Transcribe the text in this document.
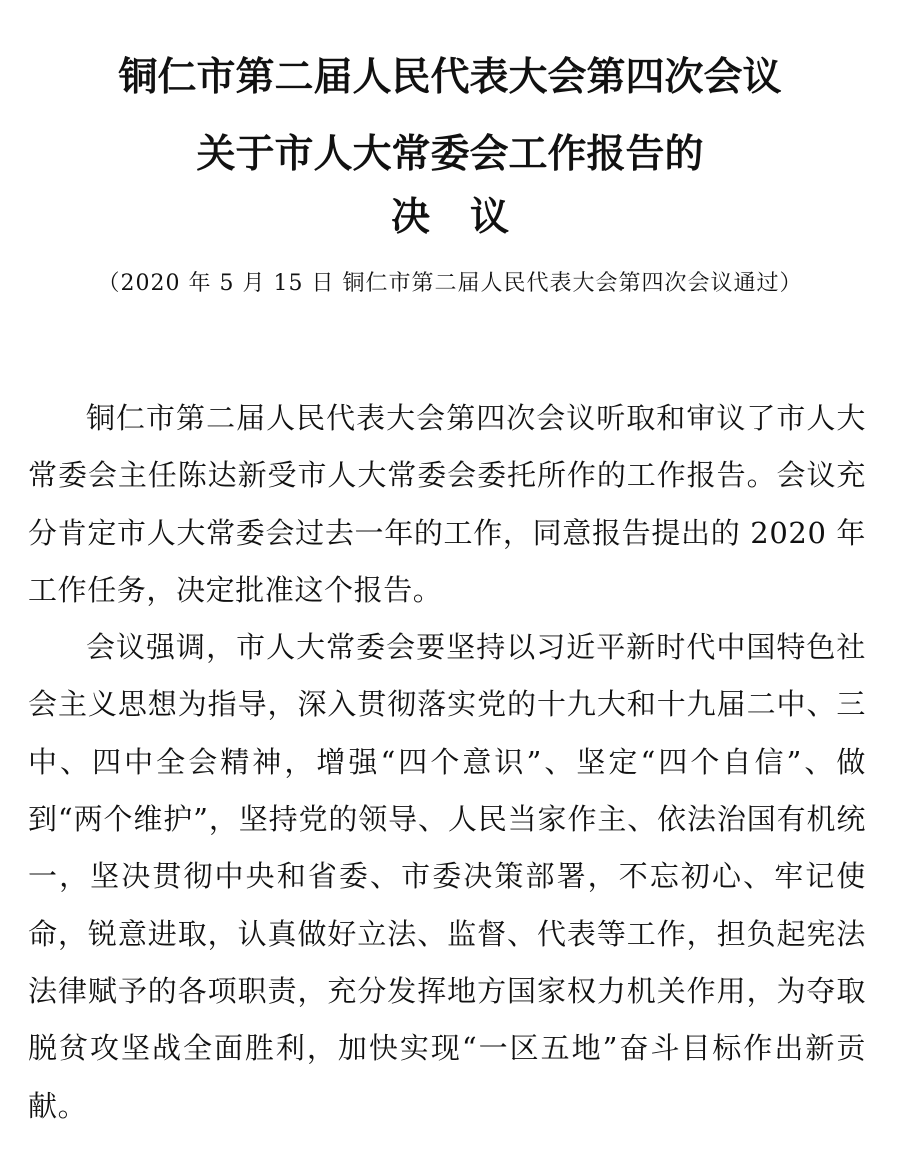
铜仁市第二届人民代表大会第四次会议
关于市人大常委会工作报告的
决议
（2020 年 5 月 15 日 铜仁市第二届人民代表大会第四次会议通过）

铜仁市第二届人民代表大会第四次会议听取和审议了市人大常委会主任陈达新受市人大常委会委托所作的工作报告。会议充分肯定市人大常委会过去一年的工作，同意报告提出的 2020 年工作任务，决定批准这个报告。

会议强调，市人大常委会要坚持以习近平新时代中国特色社会主义思想为指导，深入贯彻落实党的十九大和十九届二中、三中、四中全会精神，增强“四个意识”、坚定“四个自信”、做到“两个维护”，坚持党的领导、人民当家作主、依法治国有机统一，坚决贯彻中央和省委、市委决策部署，不忘初心、牢记使命，锐意进取，认真做好立法、监督、代表等工作，担负起宪法法律赋予的各项职责，充分发挥地方国家权力机关作用，为夺取脱贫攻坚战全面胜利，加快实现“一区五地”奋斗目标作出新贡献。
